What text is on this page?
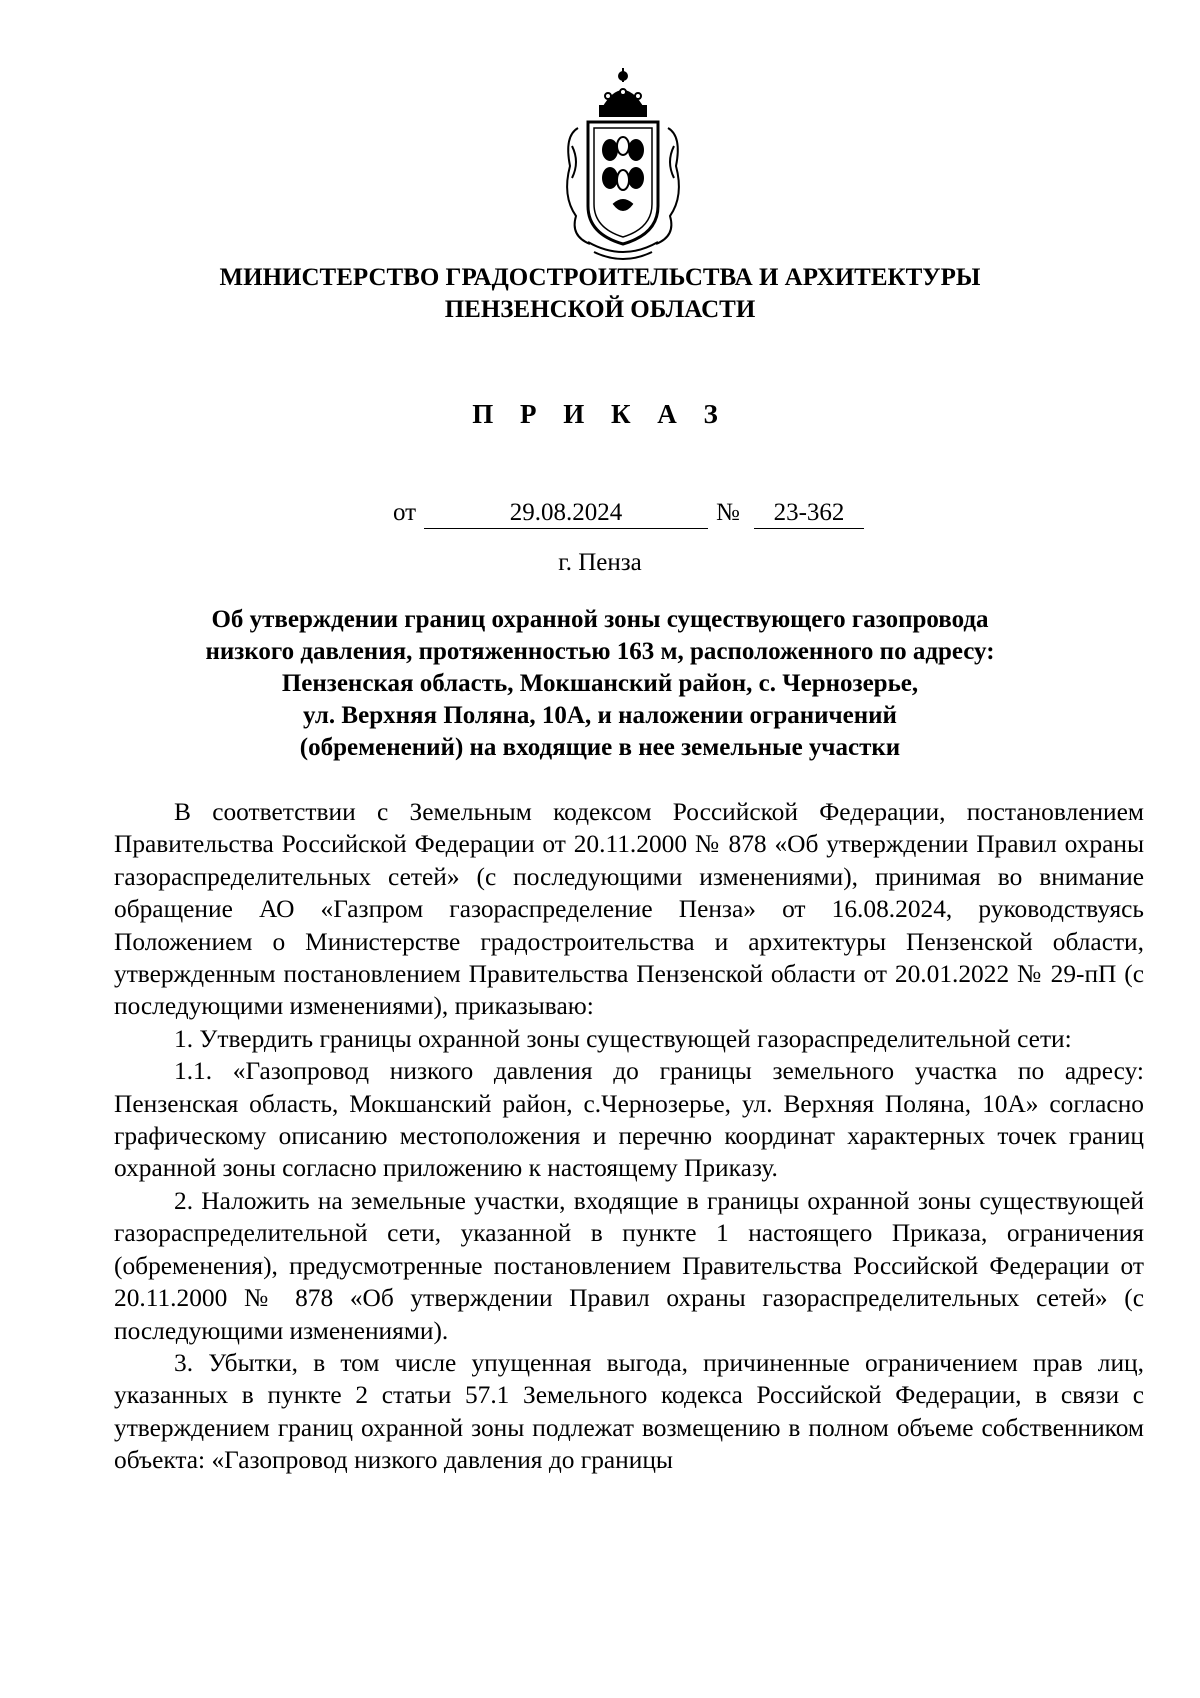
МИНИСТЕРСТВО ГРАДОСТРОИТЕЛЬСТВА И АРХИТЕКТУРЫ
ПЕНЗЕНСКОЙ ОБЛАСТИ
П Р И К А З
от	29.08.2024	№	23-362
г. Пенза
Об утверждении границ охранной зоны существующего газопровода
низкого давления, протяженностью 163 м, расположенного по адресу:
Пензенская область, Мокшанский район, с. Чернозерье,
ул. Верхняя Поляна, 10А, и наложении ограничений
(обременений) на входящие в нее земельные участки

В соответствии с Земельным кодексом Российской Федерации, постановлением Правительства Российской Федерации от 20.11.2000 № 878 «Об утверждении Правил охраны газораспределительных сетей» (с последующими изменениями), принимая во внимание обращение АО «Газпром газораспределение Пенза» от 16.08.2024, руководствуясь Положением о Министерстве градостроительства и архитектуры Пензенской области, утвержденным постановлением Правительства Пензенской области от 20.01.2022 № 29-пП (с последующими изменениями), приказываю:

1. Утвердить границы охранной зоны существующей газораспределительной сети:

1.1. «Газопровод низкого давления до границы земельного участка по адресу: Пензенская область, Мокшанский район, с.Чернозерье, ул. Верхняя Поляна, 10А» согласно графическому описанию местоположения и перечню координат характерных точек границ охранной зоны согласно приложению к настоящему Приказу.

2. Наложить на земельные участки, входящие в границы охранной зоны существующей газораспределительной сети, указанной в пункте 1 настоящего Приказа, ограничения (обременения), предусмотренные постановлением Правительства Российской Федерации от 20.11.2000 № 878 «Об утверждении Правил охраны газораспределительных сетей» (с последующими изменениями).

3. Убытки, в том числе упущенная выгода, причиненные ограничением прав лиц, указанных в пункте 2 статьи 57.1 Земельного кодекса Российской Федерации, в связи с утверждением границ охранной зоны подлежат возмещению в полном объеме собственником объекта: «Газопровод низкого давления до границы
